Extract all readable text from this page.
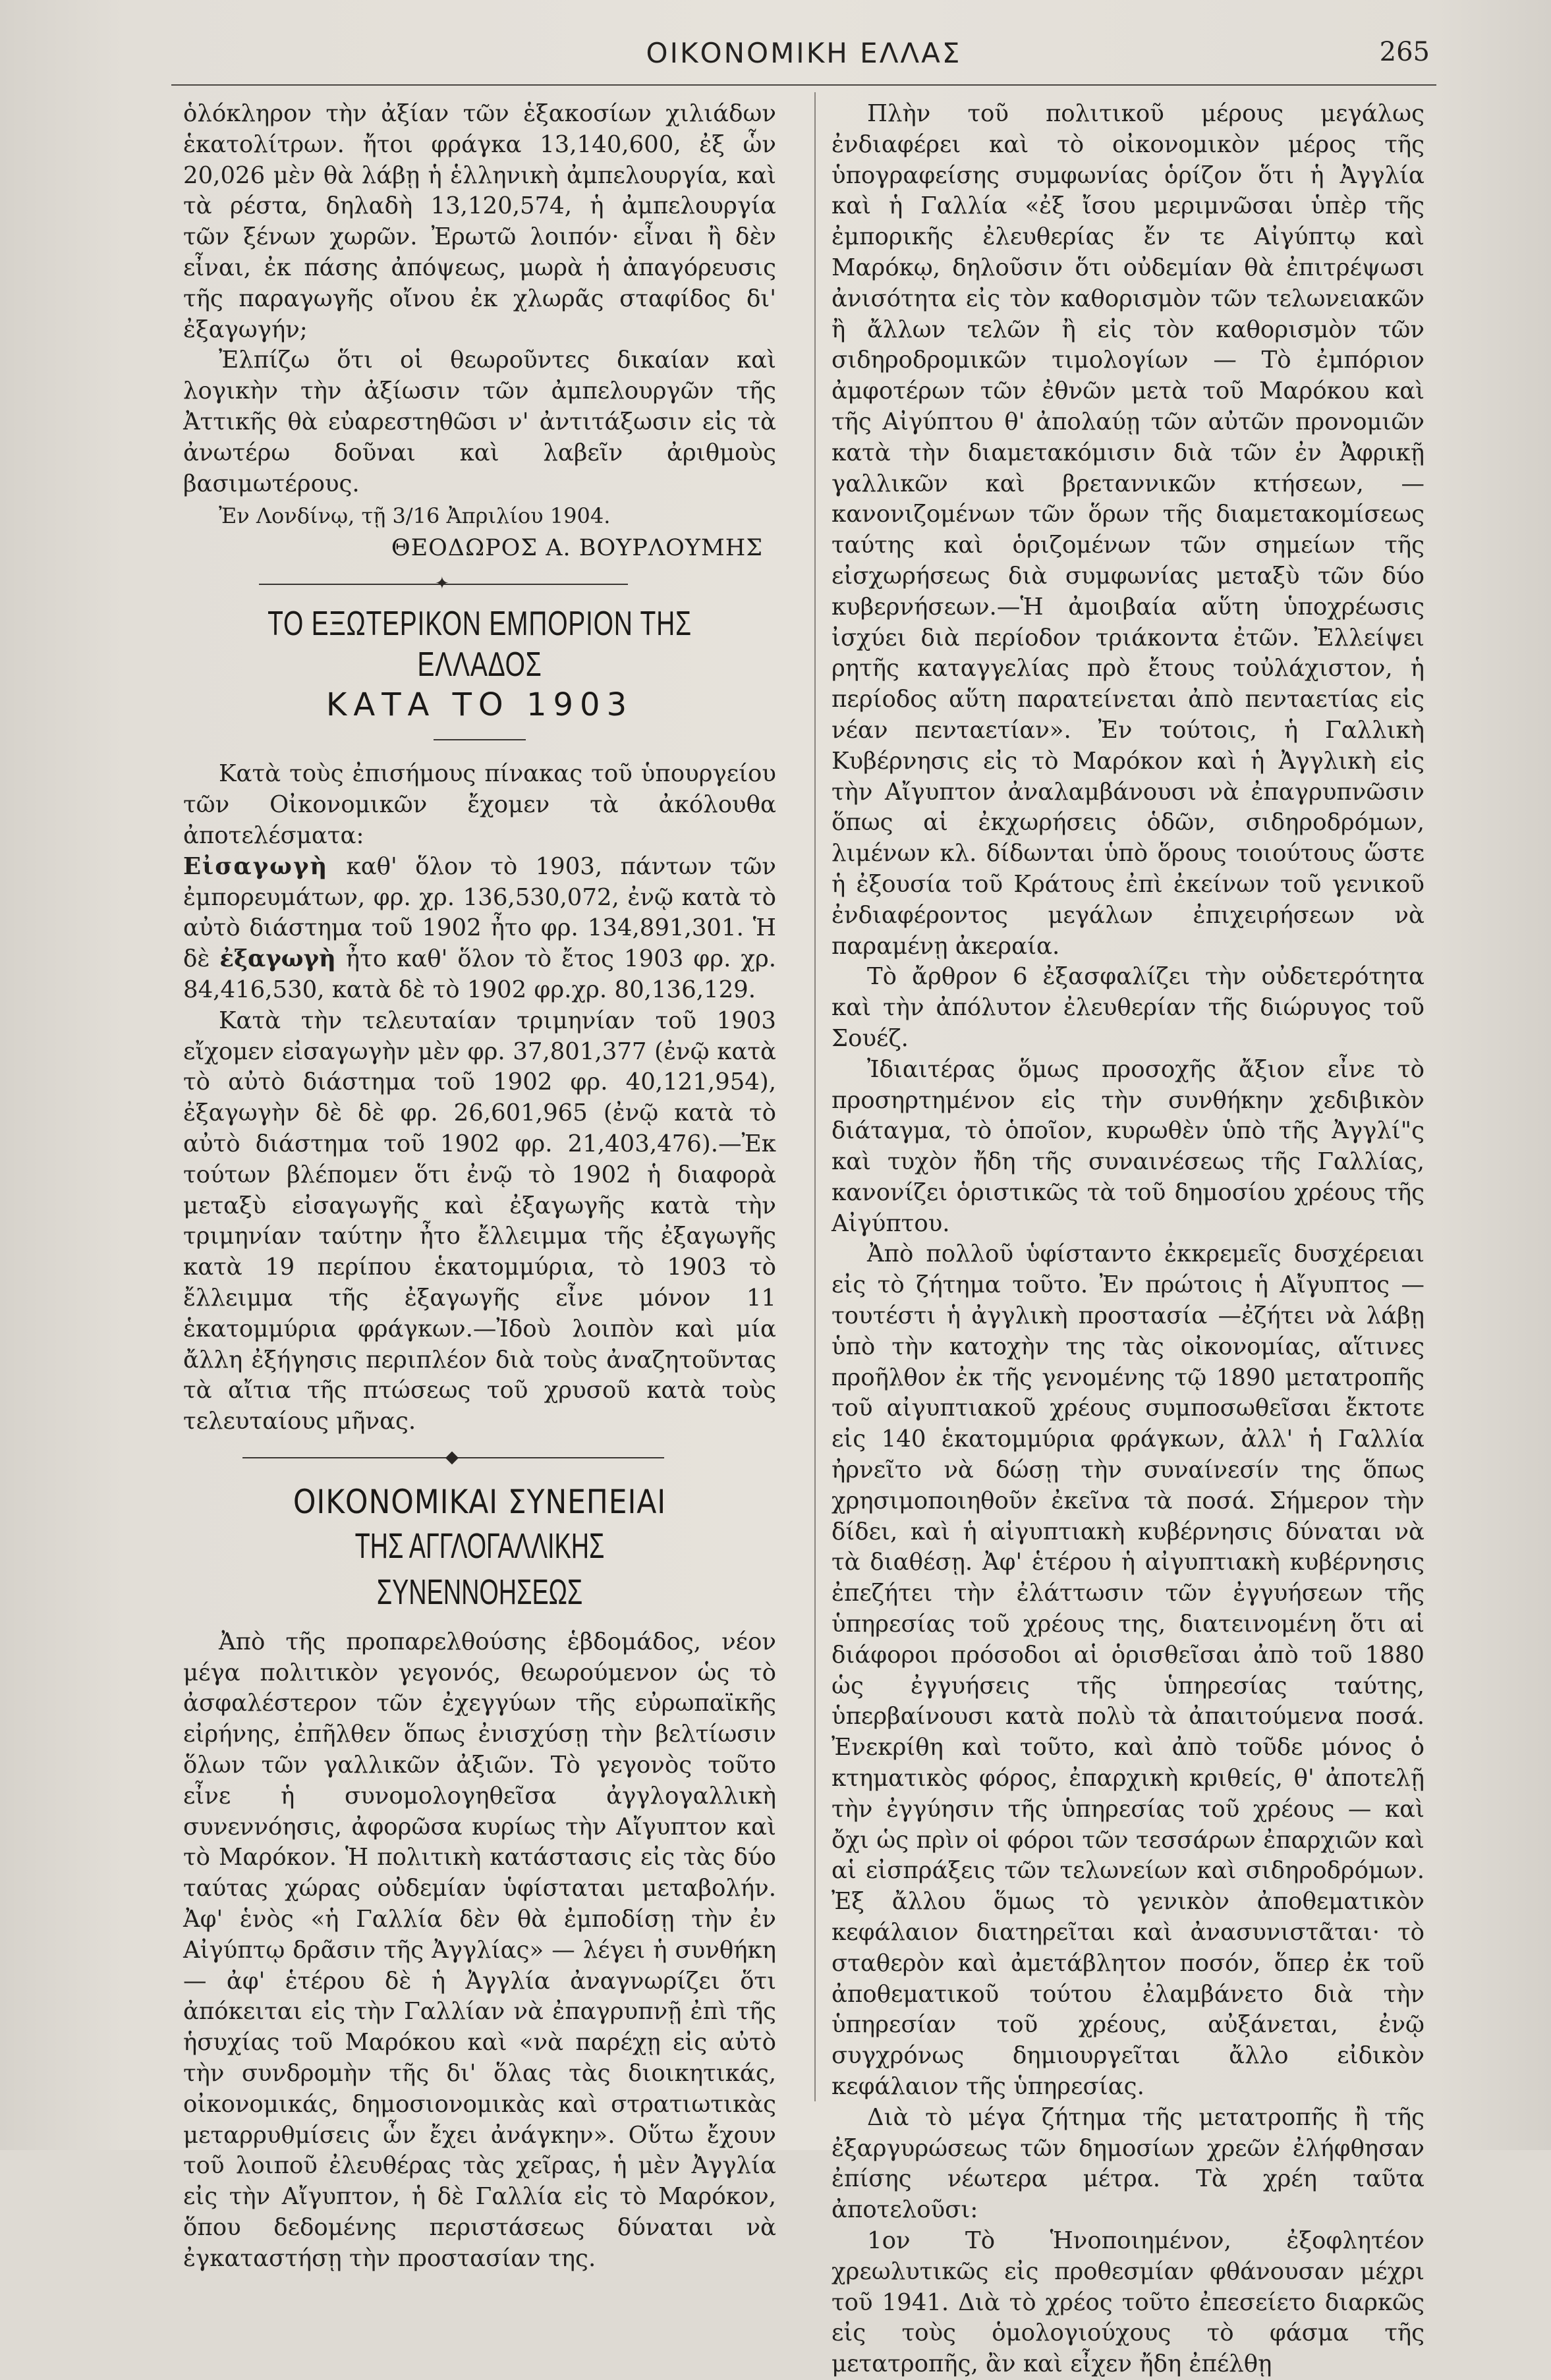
ΟΙΚΟΝΟΜΙΚΗ ΕΛΛΑΣ	265

ὁλόκληρον τὴν ἀξίαν τῶν ἑξακοσίων χιλιάδων ἑκατολίτρων. ἤτοι φράγκα 13,140,600, ἐξ ὧν 20,026 μὲν θὰ λάβῃ ἡ ἑλληνικὴ ἀμπελουργία, καὶ τὰ ρέστα, δηλαδὴ 13,120,574, ἡ ἀμπελουργία τῶν ξένων χωρῶν. Ἐρωτῶ λοιπόν· εἶναι ἢ δὲν εἶναι, ἐκ πάσης ἀπόψεως, μωρὰ ἡ ἀπαγόρευσις τῆς παραγωγῆς οἴνου ἐκ χλωρᾶς σταφίδος δι' ἐξαγωγήν;

Ἐλπίζω ὅτι οἱ θεωροῦντες δικαίαν καὶ λογικὴν τὴν ἀξίωσιν τῶν ἀμπελουργῶν τῆς Ἀττικῆς θὰ εὐαρεστηθῶσι ν' ἀντιτάξωσιν εἰς τὰ ἀνωτέρω δοῦναι καὶ λαβεῖν ἀριθμοὺς βασιμωτέρους.

Ἐν Λονδίνῳ, τῇ 3/16 Ἀπριλίου 1904.

ΘΕΟΔΩΡΟΣ Α. ΒΟΥΡΛΟΥΜΗΣ
✦
ΤΟ ΕΞΩΤΕΡΙΚΟΝ ΕΜΠΟΡΙΟΝ ΤΗΣ ΕΛΛΑΔΟΣ
ΚΑΤΑ ΤΟ 1903

Κατὰ τοὺς ἐπισήμους πίνακας τοῦ ὑπουργείου τῶν Οἰκονομικῶν ἔχομεν τὰ ἀκόλουθα ἀποτελέσματα:

Εἰσαγωγὴ καθ' ὅλον τὸ 1903, πάντων τῶν ἐμπορευμάτων, φρ. χρ. 136,530,072, ἐνῷ κατὰ τὸ αὐτὸ διάστημα τοῦ 1902 ἦτο φρ. 134,891,301. Ἡ δὲ ἐξαγωγὴ ἦτο καθ' ὅλον τὸ ἔτος 1903 φρ. χρ. 84,416,530, κατὰ δὲ τὸ 1902 φρ.χρ. 80,136,129.

Κατὰ τὴν τελευταίαν τριμηνίαν τοῦ 1903 εἴχομεν εἰσαγωγὴν μὲν φρ. 37,801,377 (ἐνῷ κατὰ τὸ αὐτὸ διάστημα τοῦ 1902 φρ. 40,121,954), ἐξαγωγὴν δὲ δὲ φρ. 26,601,965 (ἐνῷ κατὰ τὸ αὐτὸ διάστημα τοῦ 1902 φρ. 21,403,476).—Ἐκ τούτων βλέπομεν ὅτι ἐνῷ τὸ 1902 ἡ διαφορὰ μεταξὺ εἰσαγωγῆς καὶ ἐξαγωγῆς κατὰ τὴν τριμηνίαν ταύτην ἦτο ἔλλειμμα τῆς ἐξαγωγῆς κατὰ 19 περίπου ἑκατομμύρια, τὸ 1903 τὸ ἔλλειμμα τῆς ἐξαγωγῆς εἶνε μόνον 11 ἑκατομμύρια φράγκων.—Ἰδοὺ λοιπὸν καὶ μία ἄλλη ἐξήγησις περιπλέον διὰ τοὺς ἀναζητοῦντας τὰ αἴτια τῆς πτώσεως τοῦ χρυσοῦ κατὰ τοὺς τελευταίους μῆνας.

◆
ΟΙΚΟΝΟΜΙΚΑΙ ΣΥΝΕΠΕΙΑΙ
ΤΗΣ ΑΓΓΛΟΓΑΛΛΙΚΗΣ ΣΥΝΕΝΝΟΗΣΕΩΣ

Ἀπὸ τῆς προπαρελθούσης ἑβδομάδος, νέον μέγα πολιτικὸν γεγονός, θεωρούμενον ὡς τὸ ἀσφαλέστερον τῶν ἐχεγγύων τῆς εὐρωπαϊκῆς εἰρήνης, ἐπῆλθεν ὅπως ἐνισχύσῃ τὴν βελτίωσιν ὅλων τῶν γαλλικῶν ἀξιῶν. Τὸ γεγονὸς τοῦτο εἶνε ἡ συνομολογηθεῖσα ἀγγλογαλλικὴ συνεννόησις, ἀφορῶσα κυρίως τὴν Αἴγυπτον καὶ τὸ Μαρόκον. Ἡ πολιτικὴ κατάστασις εἰς τὰς δύο ταύτας χώρας οὐδεμίαν ὑφίσταται μεταβολήν. Ἀφ' ἑνὸς «ἡ Γαλλία δὲν θὰ ἐμποδίσῃ τὴν ἐν Αἰγύπτῳ δρᾶσιν τῆς Ἀγγλίας» — λέγει ἡ συνθήκη — ἀφ' ἑτέρου δὲ ἡ Ἀγγλία ἀναγνωρίζει ὅτι ἀπόκειται εἰς τὴν Γαλλίαν νὰ ἐπαγρυπνῇ ἐπὶ τῆς ἡσυχίας τοῦ Μαρόκου καὶ «νὰ παρέχῃ εἰς αὐτὸ τὴν συνδρομὴν τῆς δι' ὅλας τὰς διοικητικάς, οἰκονομικάς, δημοσιονομικὰς καὶ στρατιωτικὰς μεταρρυθμίσεις ὧν ἔχει ἀνάγκην». Οὕτω ἔχουν τοῦ λοιποῦ ἐλευθέρας τὰς χεῖρας, ἡ μὲν Ἀγγλία εἰς τὴν Αἴγυπτον, ἡ δὲ Γαλλία εἰς τὸ Μαρόκον, ὅπου δεδομένης περιστάσεως δύναται νὰ ἐγκαταστήσῃ τὴν προστασίαν της.

Πλὴν τοῦ πολιτικοῦ μέρους μεγάλως ἐνδιαφέρει καὶ τὸ οἰκονομικὸν μέρος τῆς ὑπογραφείσης συμφωνίας ὁρίζον ὅτι ἡ Ἀγγλία καὶ ἡ Γαλλία «ἐξ ἴσου μεριμνῶσαι ὑπὲρ τῆς ἐμπορικῆς ἐλευθερίας ἔν τε Αἰγύπτῳ καὶ Μαρόκῳ, δηλοῦσιν ὅτι οὐδεμίαν θὰ ἐπιτρέψωσι ἀνισότητα εἰς τὸν καθορισμὸν τῶν τελωνειακῶν ἢ ἄλλων τελῶν ἢ εἰς τὸν καθορισμὸν τῶν σιδηροδρομικῶν τιμολογίων — Τὸ ἐμπόριον ἀμφοτέρων τῶν ἐθνῶν μετὰ τοῦ Μαρόκου καὶ τῆς Αἰγύπτου θ' ἀπολαύῃ τῶν αὐτῶν προνομιῶν κατὰ τὴν διαμετακόμισιν διὰ τῶν ἐν Ἀφρικῇ γαλλικῶν καὶ βρεταννικῶν κτήσεων, —κανονιζομένων τῶν ὅρων τῆς διαμετακομίσεως ταύτης καὶ ὁριζομένων τῶν σημείων τῆς εἰσχωρήσεως διὰ συμφωνίας μεταξὺ τῶν δύο κυβερνήσεων.—Ἡ ἀμοιβαία αὕτη ὑποχρέωσις ἰσχύει διὰ περίοδον τριάκοντα ἐτῶν. Ἐλλείψει ρητῆς καταγγελίας πρὸ ἔτους τοὐλάχιστον, ἡ περίοδος αὕτη παρατείνεται ἀπὸ πενταετίας εἰς νέαν πενταετίαν». Ἐν τούτοις, ἡ Γαλλικὴ Κυβέρνησις εἰς τὸ Μαρόκον καὶ ἡ Ἀγγλικὴ εἰς τὴν Αἴγυπτον ἀναλαμβάνουσι νὰ ἐπαγρυπνῶσιν ὅπως αἱ ἐκχωρήσεις ὁδῶν, σιδηροδρόμων, λιμένων κλ. δίδωνται ὑπὸ ὅρους τοιούτους ὥστε ἡ ἐξουσία τοῦ Κράτους ἐπὶ ἐκείνων τοῦ γενικοῦ ἐνδιαφέροντος μεγάλων ἐπιχειρήσεων νὰ παραμένῃ ἀκεραία.

Τὸ ἄρθρον 6 ἐξασφαλίζει τὴν οὐδετερότητα καὶ τὴν ἀπόλυτον ἐλευθερίαν τῆς διώρυγος τοῦ Σουέζ.

Ἰδιαιτέρας ὅμως προσοχῆς ἄξιον εἶνε τὸ προσηρτημένον εἰς τὴν συνθήκην χεδιβικὸν διάταγμα, τὸ ὁποῖον, κυρωθὲν ὑπὸ τῆς Ἀγγλί"ς καὶ τυχὸν ἤδη τῆς συναινέσεως τῆς Γαλλίας, κανονίζει ὁριστικῶς τὰ τοῦ δημοσίου χρέους τῆς Αἰγύπτου.

Ἀπὸ πολλοῦ ὑφίσταντο ἐκκρεμεῖς δυσχέρειαι εἰς τὸ ζήτημα τοῦτο. Ἐν πρώτοις ἡ Αἴγυπτος — τουτέστι ἡ ἀγγλικὴ προστασία —ἐζήτει νὰ λάβῃ ὑπὸ τὴν κατοχὴν της τὰς οἰκονομίας, αἵτινες προῆλθον ἐκ τῆς γενομένης τῷ 1890 μετατροπῆς τοῦ αἰγυπτιακοῦ χρέους συμποσωθεῖσαι ἔκτοτε εἰς 140 ἑκατομμύρια φράγκων, ἀλλ' ἡ Γαλλία ἠρνεῖτο νὰ δώσῃ τὴν συναίνεσίν της ὅπως χρησιμοποιηθοῦν ἐκεῖνα τὰ ποσά. Σήμερον τὴν δίδει, καὶ ἡ αἰγυπτιακὴ κυβέρνησις δύναται νὰ τὰ διαθέσῃ. Ἀφ' ἑτέρου ἡ αἰγυπτιακὴ κυβέρνησις ἐπεζήτει τὴν ἐλάττωσιν τῶν ἐγγυήσεων τῆς ὑπηρεσίας τοῦ χρέους της, διατεινομένη ὅτι αἱ διάφοροι πρόσοδοι αἱ ὁρισθεῖσαι ἀπὸ τοῦ 1880 ὡς ἐγγυήσεις τῆς ὑπηρεσίας ταύτης, ὑπερβαίνουσι κατὰ πολὺ τὰ ἀπαιτούμενα ποσά. Ἐνεκρίθη καὶ τοῦτο, καὶ ἀπὸ τοῦδε μόνος ὁ κτηματικὸς φόρος, ἐπαρχικὴ κριθείς, θ' ἀποτελῇ τὴν ἐγγύησιν τῆς ὑπηρεσίας τοῦ χρέους — καὶ ὄχι ὡς πρὶν οἱ φόροι τῶν τεσσάρων ἐπαρχιῶν καὶ αἱ εἰσπράξεις τῶν τελωνείων καὶ σιδηροδρόμων. Ἐξ ἄλλου ὅμως τὸ γενικὸν ἀποθεματικὸν κεφάλαιον διατηρεῖται καὶ ἀνασυνιστᾶται· τὸ σταθερὸν καὶ ἀμετάβλητον ποσόν, ὅπερ ἐκ τοῦ ἀποθεματικοῦ τούτου ἐλαμβάνετο διὰ τὴν ὑπηρεσίαν τοῦ χρέους, αὐξάνεται, ἐνῷ συγχρόνως δημιουργεῖται ἄλλο εἰδικὸν κεφάλαιον τῆς ὑπηρεσίας.

Διὰ τὸ μέγα ζήτημα τῆς μετατροπῆς ἢ τῆς ἐξαργυρώσεως τῶν δημοσίων χρεῶν ἐλήφθησαν ἐπίσης νέωτερα μέτρα. Τὰ χρέη ταῦτα ἀποτελοῦσι:

1ον Τὸ Ἡνοποιημένον, ἐξοφλητέον χρεωλυτικῶς εἰς προθεσμίαν φθάνουσαν μέχρι τοῦ 1941. Διὰ τὸ χρέος τοῦτο ἐπεσείετο διαρκῶς εἰς τοὺς ὁμολογιούχους τὸ φάσμα τῆς μετατροπῆς, ἂν καὶ εἶχεν ἤδη ἐπέλθῃ
